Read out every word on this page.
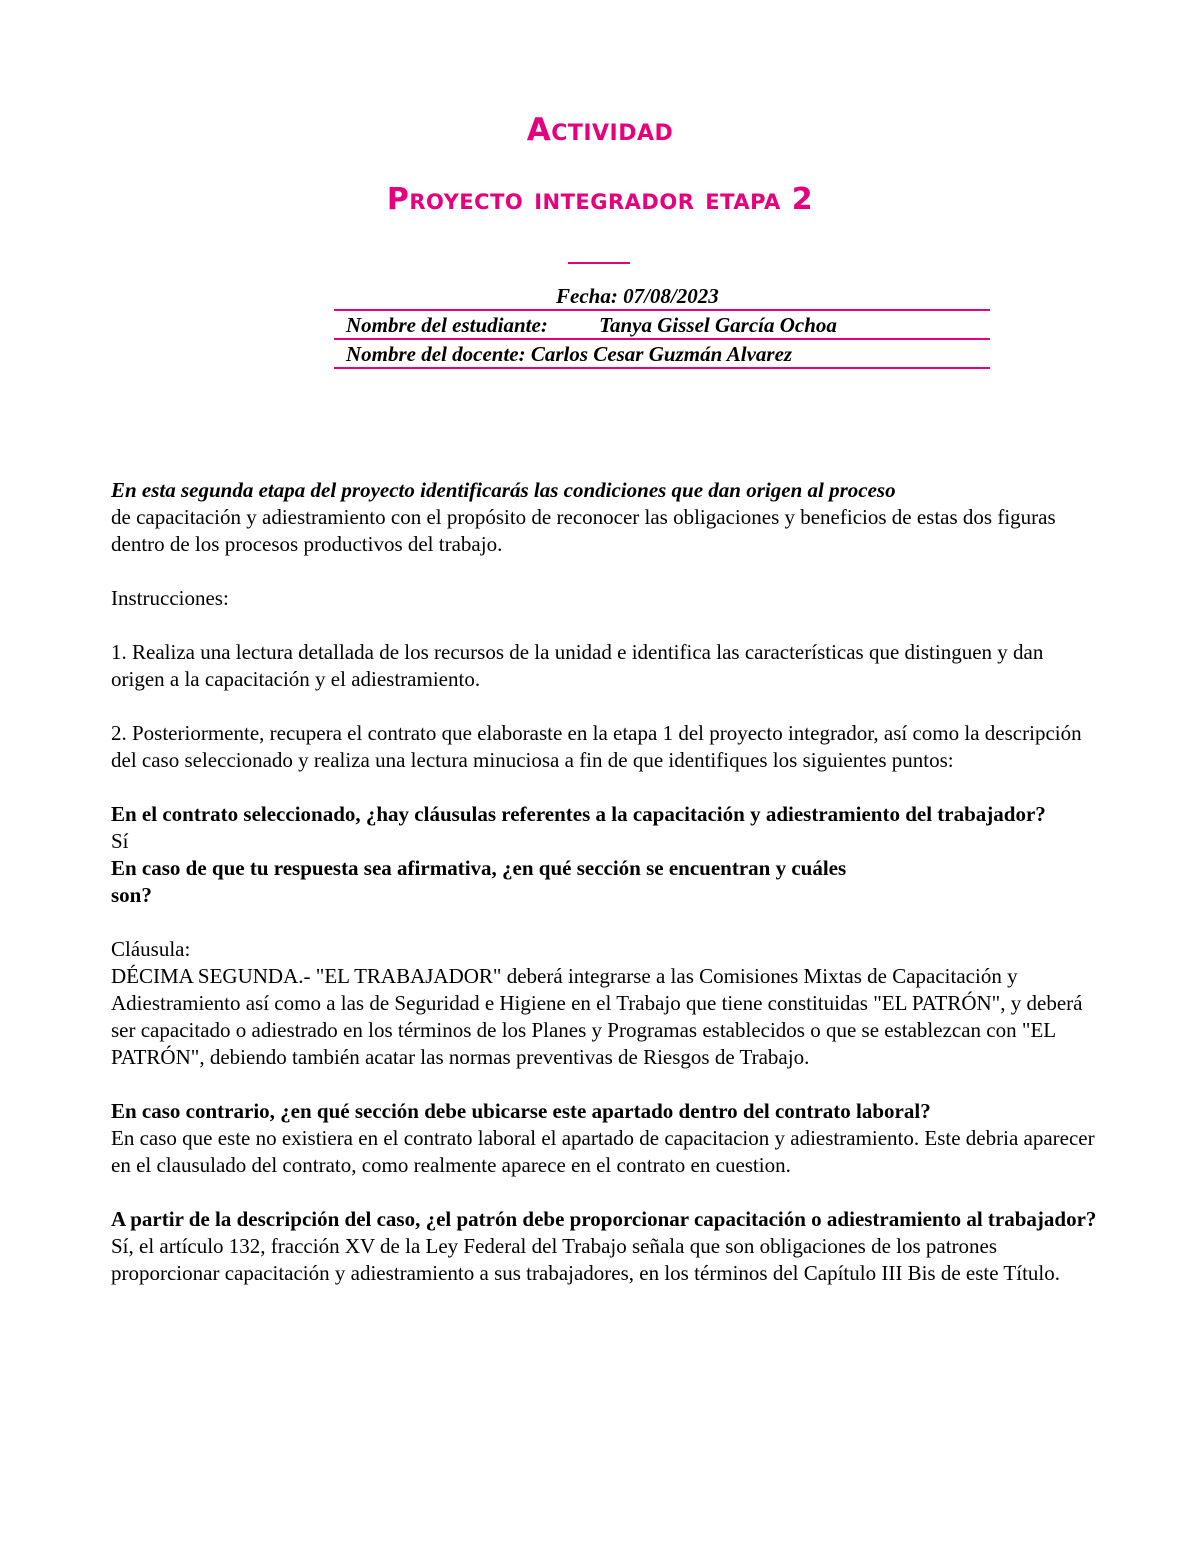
Actividad
Proyecto integrador etapa 2
Fecha: 07/08/2023
Nombre del estudiante: Tanya Gissel García Ochoa
Nombre del docente: Carlos Cesar Guzmán Alvarez

En esta segunda etapa del proyecto identificarás las condiciones que dan origen al proceso
de capacitación y adiestramiento con el propósito de reconocer las obligaciones y beneficios de estas dos figuras dentro de los procesos productivos del trabajo.

Instrucciones:

1. Realiza una lectura detallada de los recursos de la unidad e identifica las características que distinguen y dan origen a la capacitación y el adiestramiento.

2. Posteriormente, recupera el contrato que elaboraste en la etapa 1 del proyecto integrador, así como la descripción del caso seleccionado y realiza una lectura minuciosa a fin de que identifiques los siguientes puntos:

En el contrato seleccionado, ¿hay cláusulas referentes a la capacitación y adiestramiento del trabajador?

Sí

En caso de que tu respuesta sea afirmativa, ¿en qué sección se encuentran y cuáles son?

Cláusula:

DÉCIMA SEGUNDA.- "EL TRABAJADOR" deberá integrarse a las Comisiones Mixtas de Capacitación y Adiestramiento así como a las de Seguridad e Higiene en el Trabajo que tiene constituidas "EL PATRÓN", y deberá ser capacitado o adiestrado en los términos de los Planes y Programas establecidos o que se establezcan con "EL PATRÓN", debiendo también acatar las normas preventivas de Riesgos de Trabajo.

En caso contrario, ¿en qué sección debe ubicarse este apartado dentro del contrato laboral?

En caso que este no existiera en el contrato laboral el apartado de capacitacion y adiestramiento. Este debria aparecer en el clausulado del contrato, como realmente aparece en el contrato en cuestion.

A partir de la descripción del caso, ¿el patrón debe proporcionar capacitación o adiestramiento al trabajador?

Sí, el artículo 132, fracción XV de la Ley Federal del Trabajo señala que son obligaciones de los patrones proporcionar capacitación y adiestramiento a sus trabajadores, en los términos del Capítulo III Bis de este Título.
